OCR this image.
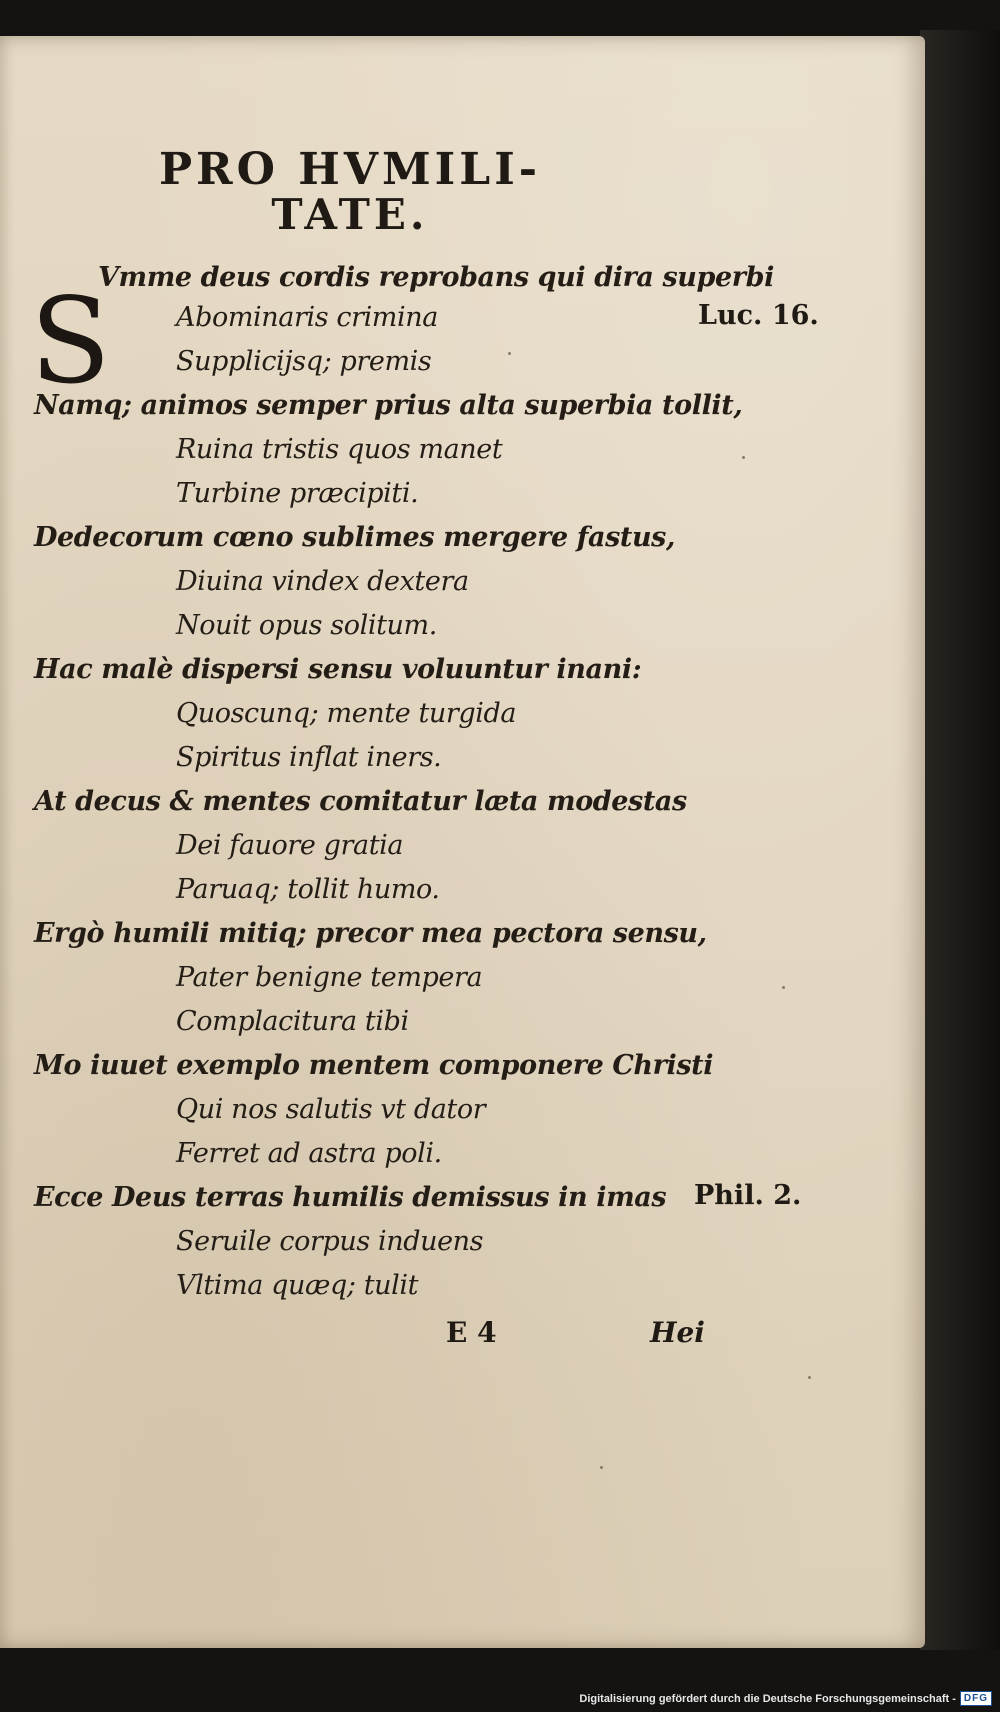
PRO HVMILI-
TATE.
S
Vmme deus cordis reprobans qui dira superbi
Abominaris crimina
Supplicijsq; premis
Namq; animos semper prius alta superbia tollit,
Ruina tristis quos manet
Turbine præcipiti.
Dedecorum cœno sublimes mergere fastus,
Diuina vindex dextera
Nouit opus solitum.
Hac malè dispersi sensu voluuntur inani:
Quoscunq; mente turgida
Spiritus inflat iners.
At decus & mentes comitatur læta modestas
Dei fauore gratia
Paruaq; tollit humo.
Ergò humili mitiq; precor mea pectora sensu,
Pater benigne tempera
Complacitura tibi
Mo iuuet exemplo mentem componere Christi
Qui nos salutis vt dator
Ferret ad astra poli.
Ecce Deus terras humilis demissus in imas
Seruile corpus induens
Vltima quæq; tulit
Luc. 16.
Phil. 2.
E 4	Hei
Digitalisierung gefördert durch die Deutsche Forschungsgemeinschaft - DFG
